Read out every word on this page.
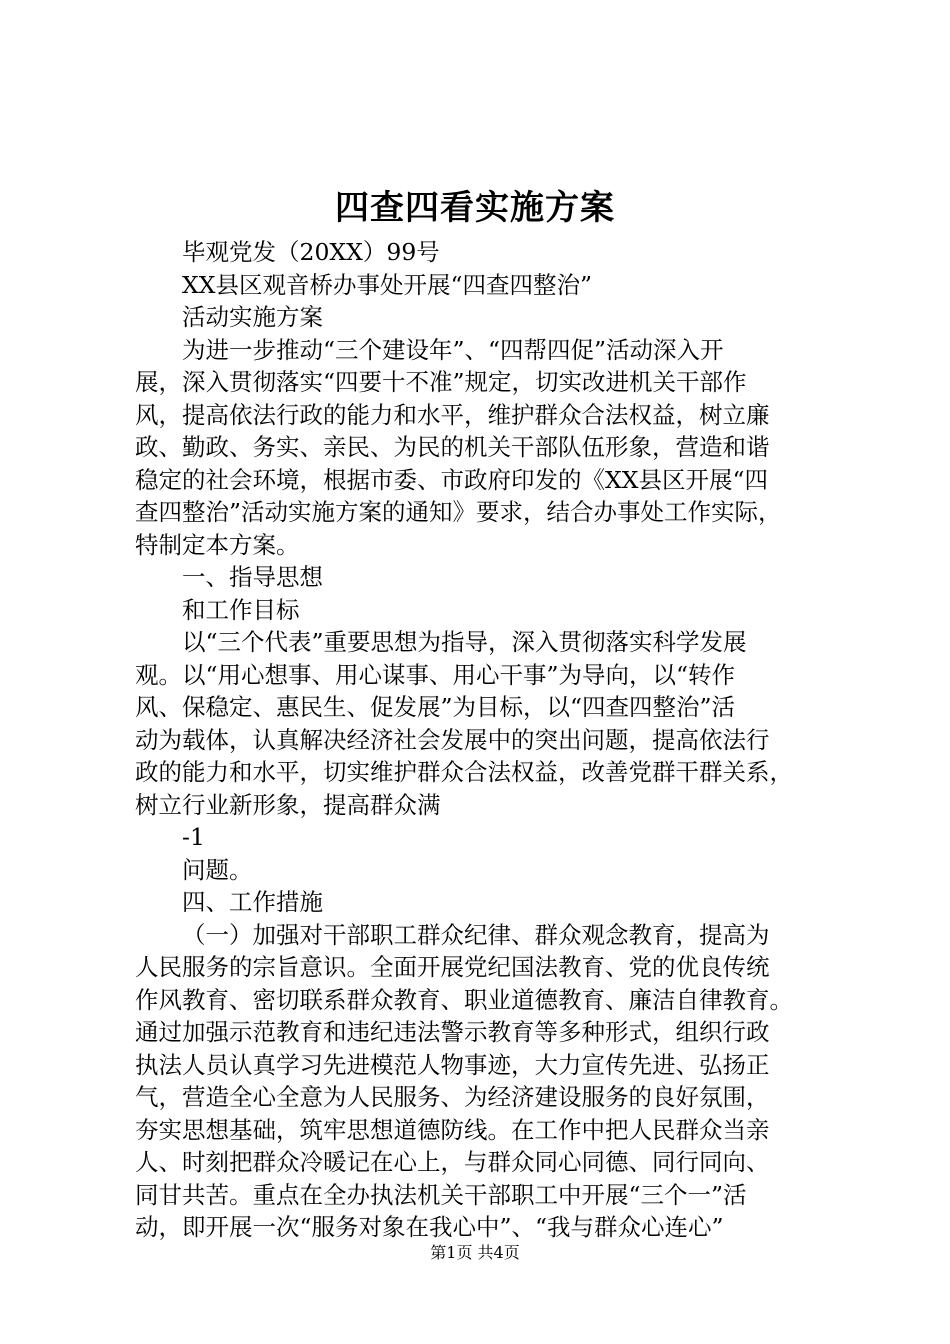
四查四看实施方案
毕观党发（20XX）99号
XX县区观音桥办事处开展“四查四整治”
活动实施方案
为进一步推动“三个建设年”、“四帮四促”活动深入开
展，深入贯彻落实“四要十不准”规定，切实改进机关干部作
风，提高依法行政的能力和水平，维护群众合法权益，树立廉
政、勤政、务实、亲民、为民的机关干部队伍形象，营造和谐
稳定的社会环境，根据市委、市政府印发的《XX县区开展“四
查四整治”活动实施方案的通知》要求，结合办事处工作实际，
特制定本方案。
一、指导思想
和工作目标
以“三个代表”重要思想为指导，深入贯彻落实科学发展
观。以“用心想事、用心谋事、用心干事”为导向，以“转作
风、保稳定、惠民生、促发展”为目标，以“四查四整治”活
动为载体，认真解决经济社会发展中的突出问题，提高依法行
政的能力和水平，切实维护群众合法权益，改善党群干群关系，
树立行业新形象，提高群众满
-1
问题。
四、工作措施
（一）加强对干部职工群众纪律、群众观念教育，提高为
人民服务的宗旨意识。全面开展党纪国法教育、党的优良传统
作风教育、密切联系群众教育、职业道德教育、廉洁自律教育。
通过加强示范教育和违纪违法警示教育等多种形式，组织行政
执法人员认真学习先进模范人物事迹，大力宣传先进、弘扬正
气，营造全心全意为人民服务、为经济建设服务的良好氛围，
夯实思想基础，筑牢思想道德防线。在工作中把人民群众当亲
人、时刻把群众冷暖记在心上，与群众同心同德、同行同向、
同甘共苦。重点在全办执法机关干部职工中开展“三个一”活
动，即开展一次“服务对象在我心中”、“我与群众心连心”
第1页 共4页
